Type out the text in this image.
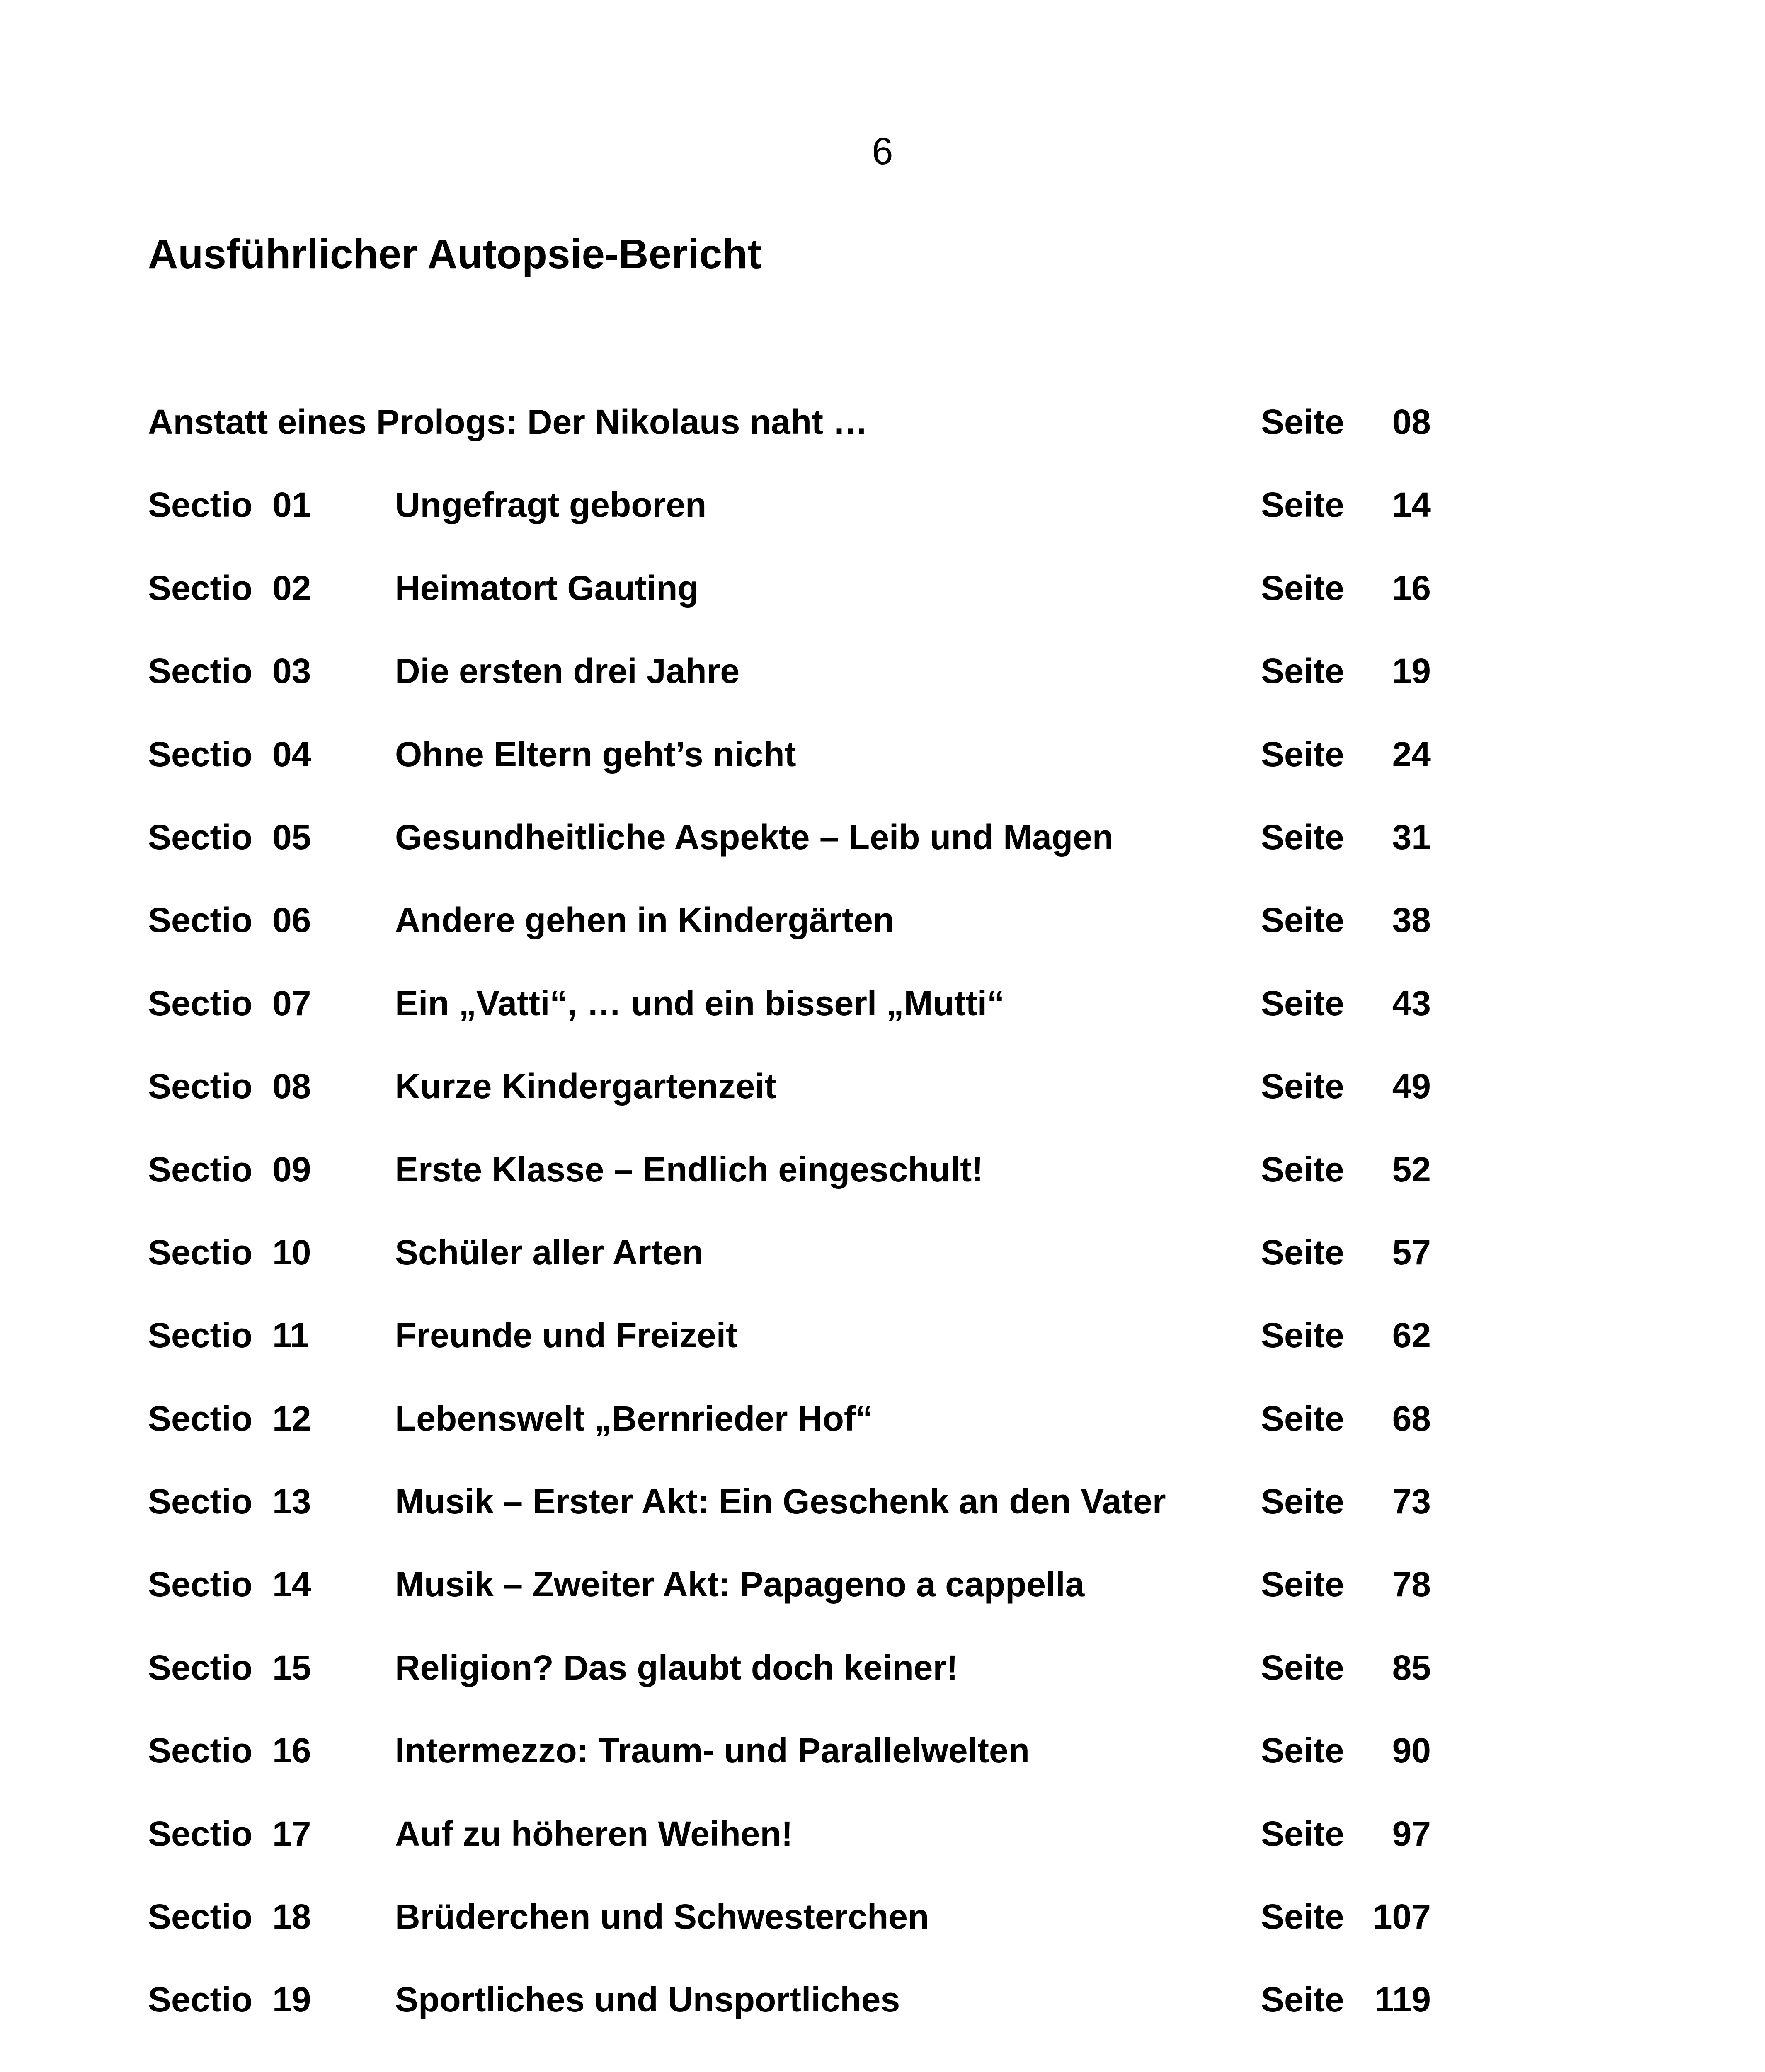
6
Ausführlicher Autopsie-Bericht
Anstatt eines Prologs: Der Nikolaus naht …	Seite	08
Sectio 01 Ungefragt geboren	Seite	14
Sectio 02 Heimatort Gauting	Seite	16
Sectio 03 Die ersten drei Jahre	Seite	19
Sectio 04 Ohne Eltern geht’s nicht	Seite	24
Sectio 05 Gesundheitliche Aspekte – Leib und Magen	Seite	31
Sectio 06 Andere gehen in Kindergärten	Seite	38
Sectio 07 Ein „Vatti“, … und ein bisserl „Mutti“	Seite	43
Sectio 08 Kurze Kindergartenzeit	Seite	49
Sectio 09 Erste Klasse – Endlich eingeschult!	Seite	52
Sectio 10 Schüler aller Arten	Seite	57
Sectio 11 Freunde und Freizeit	Seite	62
Sectio 12 Lebenswelt „Bernrieder Hof“	Seite	68
Sectio 13 Musik – Erster Akt: Ein Geschenk an den Vater	Seite	73
Sectio 14 Musik – Zweiter Akt: Papageno a cappella	Seite	78
Sectio 15 Religion? Das glaubt doch keiner!	Seite	85
Sectio 16 Intermezzo: Traum- und Parallelwelten	Seite	90
Sectio 17 Auf zu höheren Weihen!	Seite	97
Sectio 18 Brüderchen und Schwesterchen	Seite 107
Sectio 19 Sportliches und Unsportliches	Seite 119
